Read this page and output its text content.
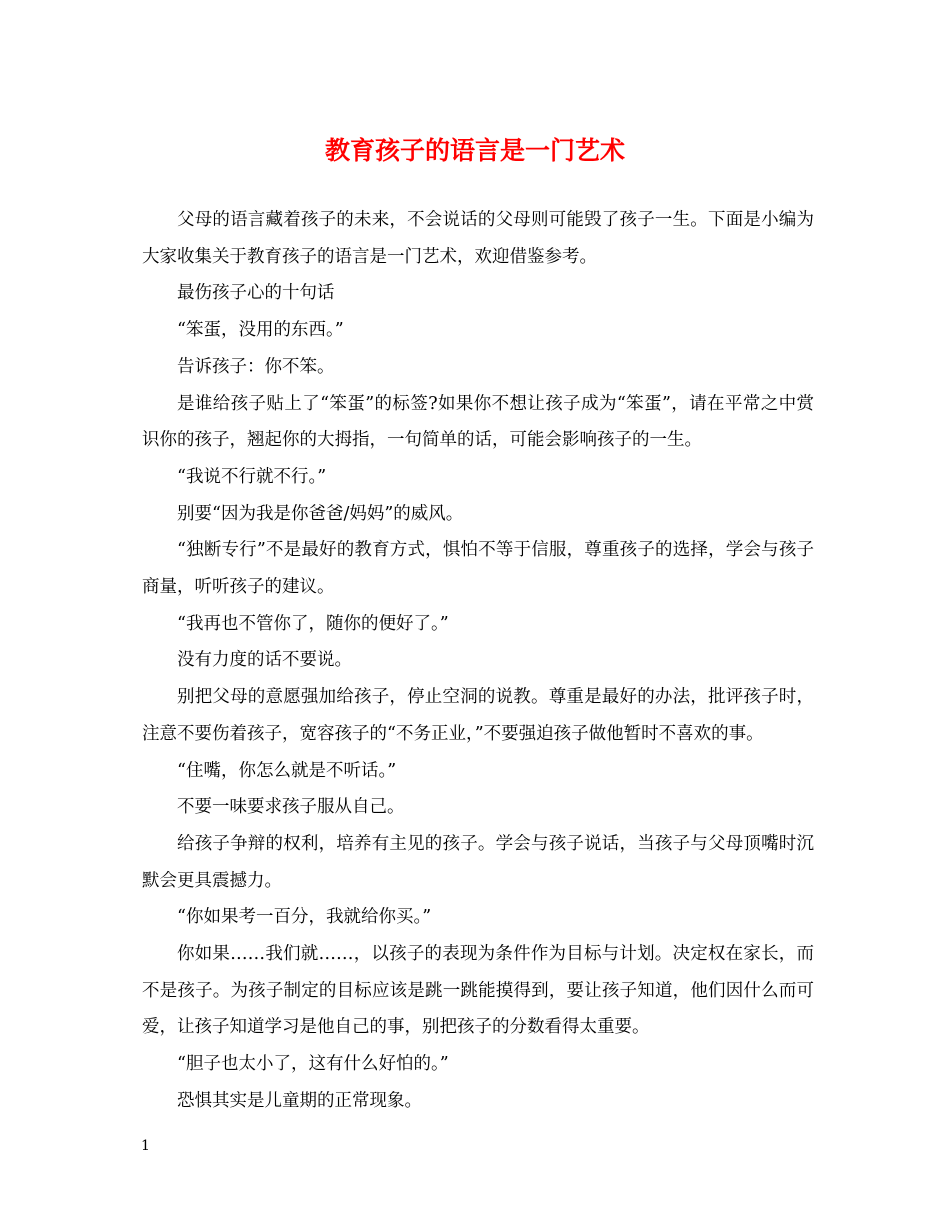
教育孩子的语言是一门艺术

父母的语言藏着孩子的未来，不会说话的父母则可能毁了孩子一生。下面是小编为大家收集关于教育孩子的语言是一门艺术，欢迎借鉴参考。

最伤孩子心的十句话

“笨蛋，没用的东西。”

告诉孩子：你不笨。

是谁给孩子贴上了“笨蛋”的标签?如果你不想让孩子成为“笨蛋”，请在平常之中赏识你的孩子，翘起你的大拇指，一句简单的话，可能会影响孩子的一生。

“我说不行就不行。”

别要“因为我是你爸爸/妈妈”的威风。

“独断专行”不是最好的教育方式，惧怕不等于信服，尊重孩子的选择，学会与孩子商量，听听孩子的建议。

“我再也不管你了，随你的便好了。”

没有力度的话不要说。

别把父母的意愿强加给孩子，停止空洞的说教。尊重是最好的办法，批评孩子时，注意不要伤着孩子，宽容孩子的“不务正业，”不要强迫孩子做他暂时不喜欢的事。

“住嘴，你怎么就是不听话。”

不要一味要求孩子服从自己。

给孩子争辩的权利，培养有主见的孩子。学会与孩子说话，当孩子与父母顶嘴时沉默会更具震撼力。

“你如果考一百分，我就给你买。”

你如果……我们就……，以孩子的表现为条件作为目标与计划。决定权在家长，而不是孩子。为孩子制定的目标应该是跳一跳能摸得到，要让孩子知道，他们因什么而可爱，让孩子知道学习是他自己的事，别把孩子的分数看得太重要。

“胆子也太小了，这有什么好怕的。”

恐惧其实是儿童期的正常现象。

1
